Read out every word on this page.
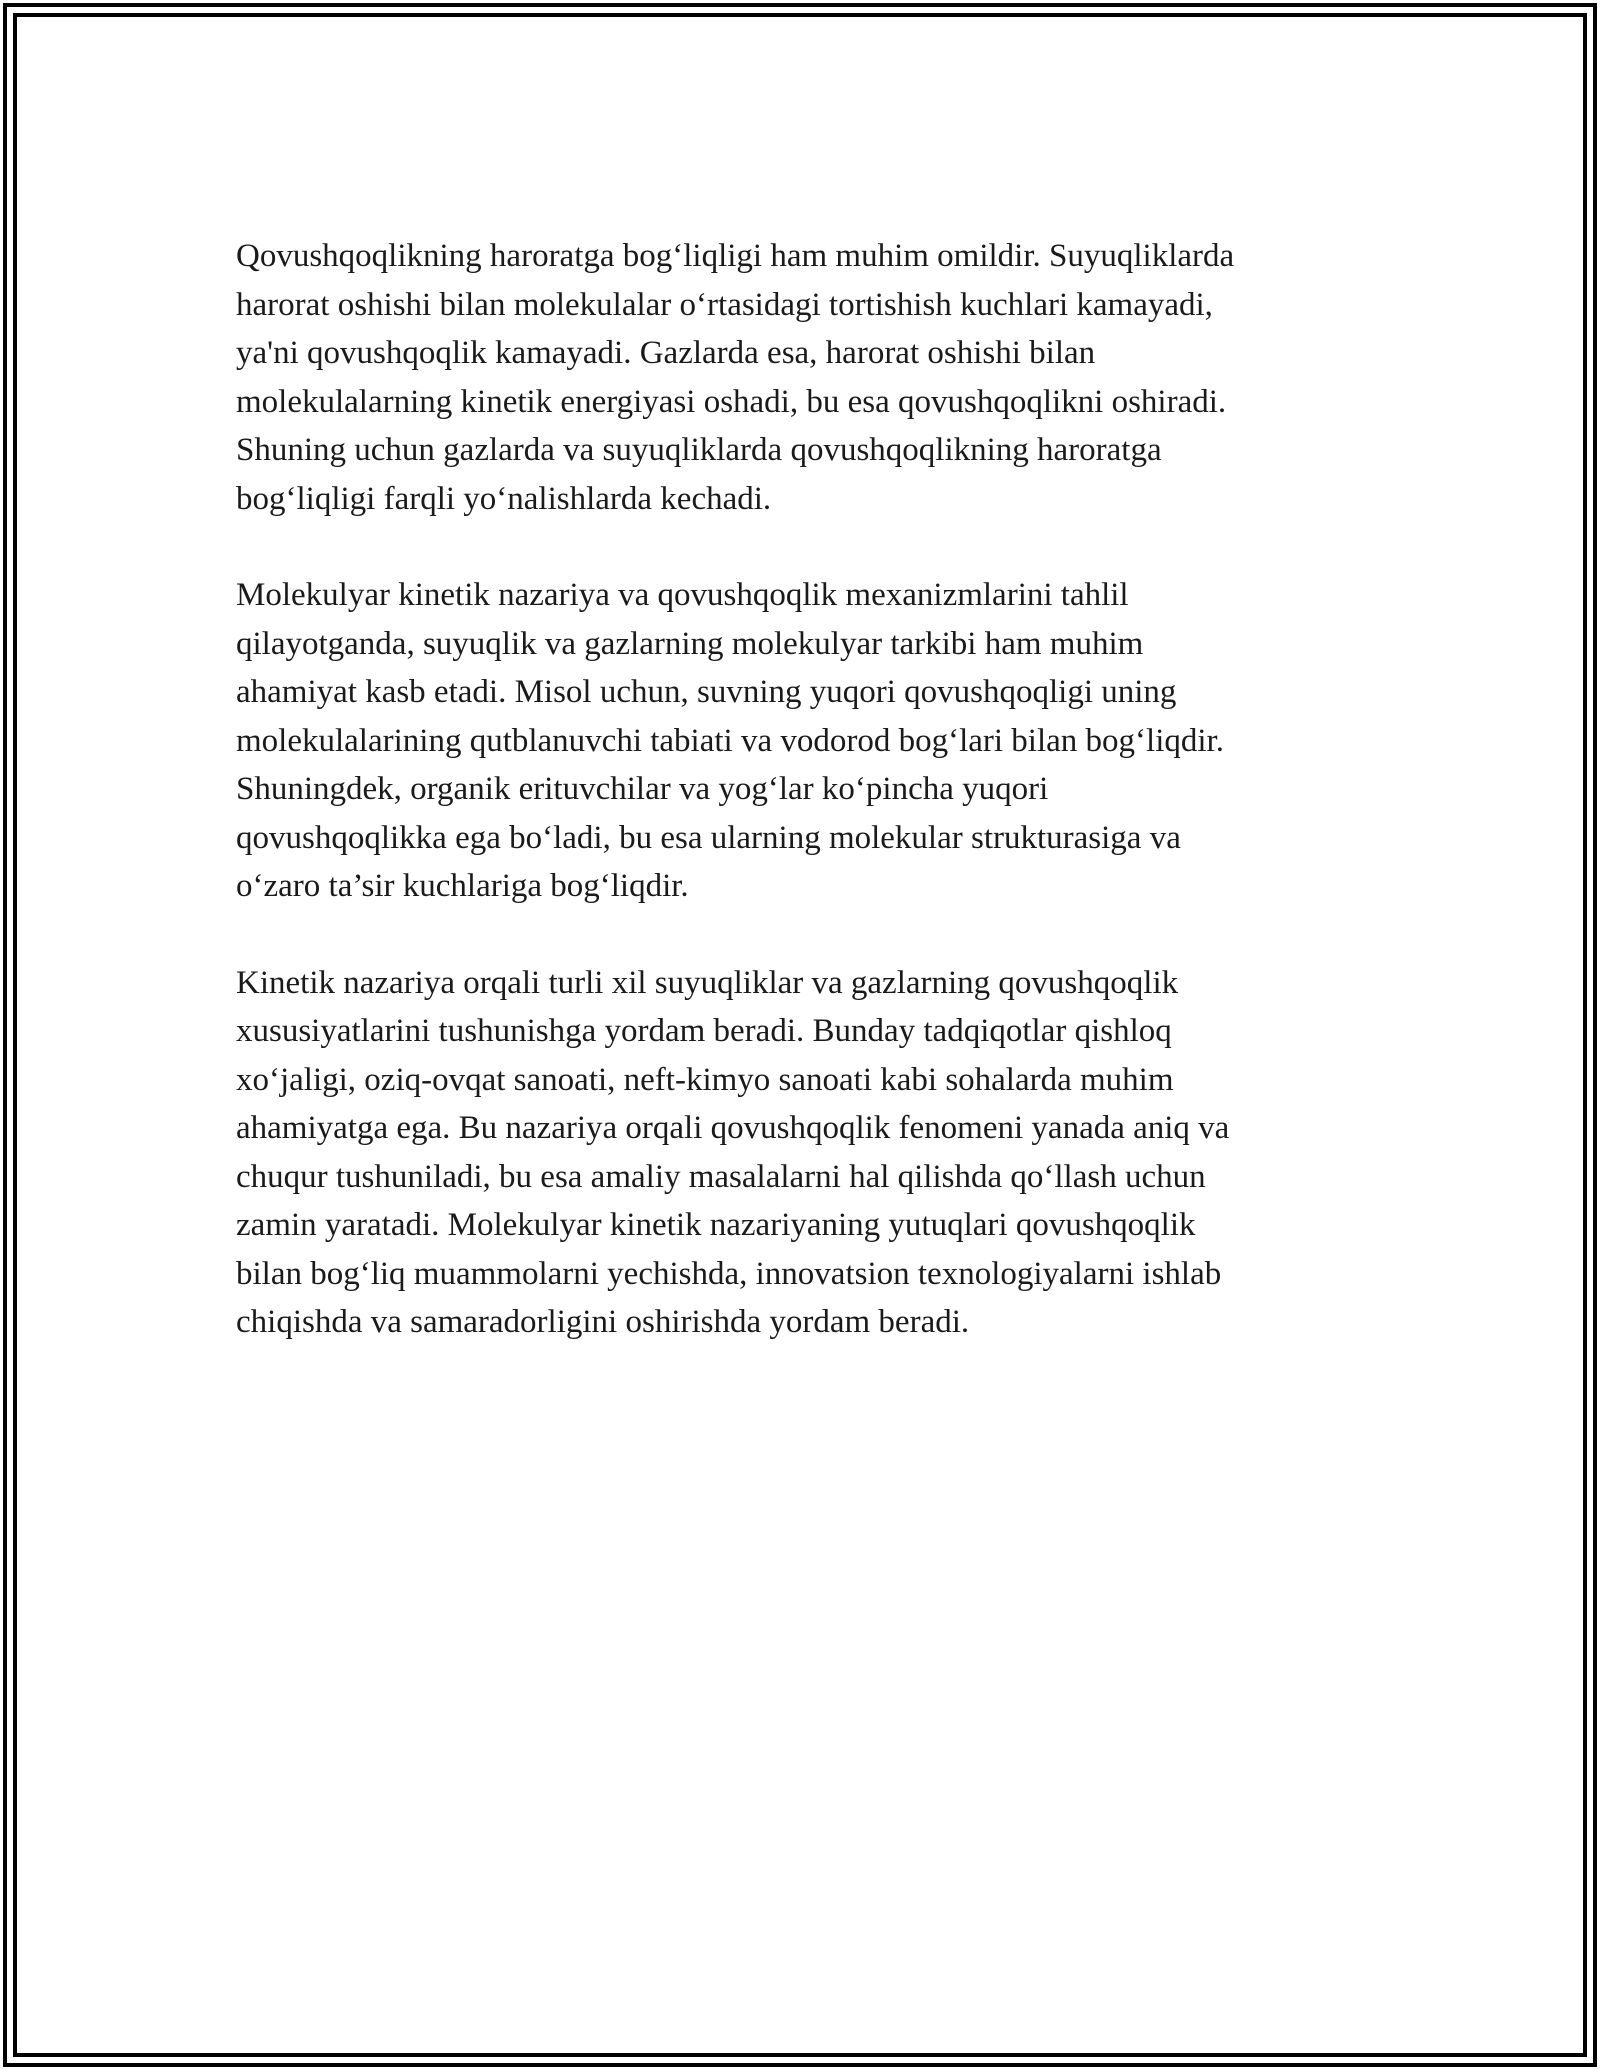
Qovushqoqlikning haroratga bog‘liqligi ham muhim omildir. Suyuqliklarda
harorat oshishi bilan molekulalar o‘rtasidagi tortishish kuchlari kamayadi,
ya'ni qovushqoqlik kamayadi. Gazlarda esa, harorat oshishi bilan
molekulalarning kinetik energiyasi oshadi, bu esa qovushqoqlikni oshiradi.
Shuning uchun gazlarda va suyuqliklarda qovushqoqlikning haroratga
bog‘liqligi farqli yo‘nalishlarda kechadi.

Molekulyar kinetik nazariya va qovushqoqlik mexanizmlarini tahlil
qilayotganda, suyuqlik va gazlarning molekulyar tarkibi ham muhim
ahamiyat kasb etadi. Misol uchun, suvning yuqori qovushqoqligi uning
molekulalarining qutblanuvchi tabiati va vodorod bog‘lari bilan bog‘liqdir.
Shuningdek, organik erituvchilar va yog‘lar ko‘pincha yuqori
qovushqoqlikka ega bo‘ladi, bu esa ularning molekular strukturasiga va
o‘zaro ta’sir kuchlariga bog‘liqdir.

Kinetik nazariya orqali turli xil suyuqliklar va gazlarning qovushqoqlik
xususiyatlarini tushunishga yordam beradi. Bunday tadqiqotlar qishloq
xo‘jaligi, oziq-ovqat sanoati, neft-kimyo sanoati kabi sohalarda muhim
ahamiyatga ega. Bu nazariya orqali qovushqoqlik fenomeni yanada aniq va
chuqur tushuniladi, bu esa amaliy masalalarni hal qilishda qo‘llash uchun
zamin yaratadi. Molekulyar kinetik nazariyaning yutuqlari qovushqoqlik
bilan bog‘liq muammolarni yechishda, innovatsion texnologiyalarni ishlab
chiqishda va samaradorligini oshirishda yordam beradi.
